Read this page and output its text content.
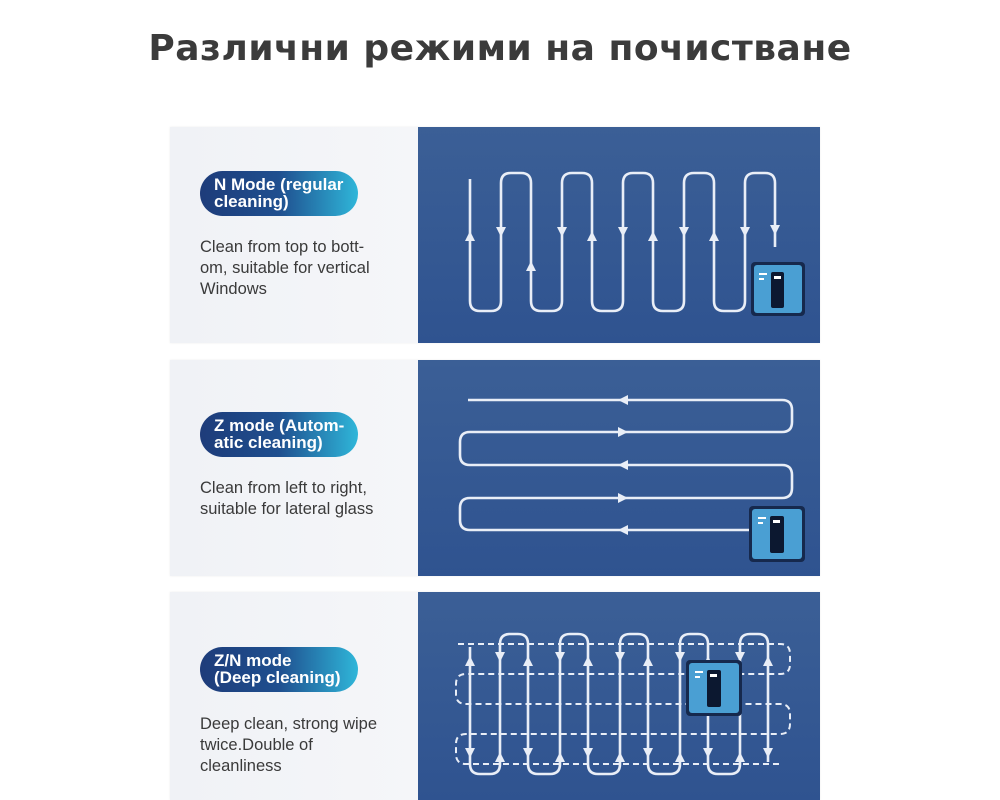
Различни режими на почистване
N Mode (regular
cleaning)
Clean from top to bott-
om, suitable for vertical
Windows
Z mode (Autom-
atic cleaning)
Clean from left to right,
suitable for lateral glass
Z/N mode
(Deep cleaning)
Deep clean, strong wipe
twice.Double of
cleanliness
